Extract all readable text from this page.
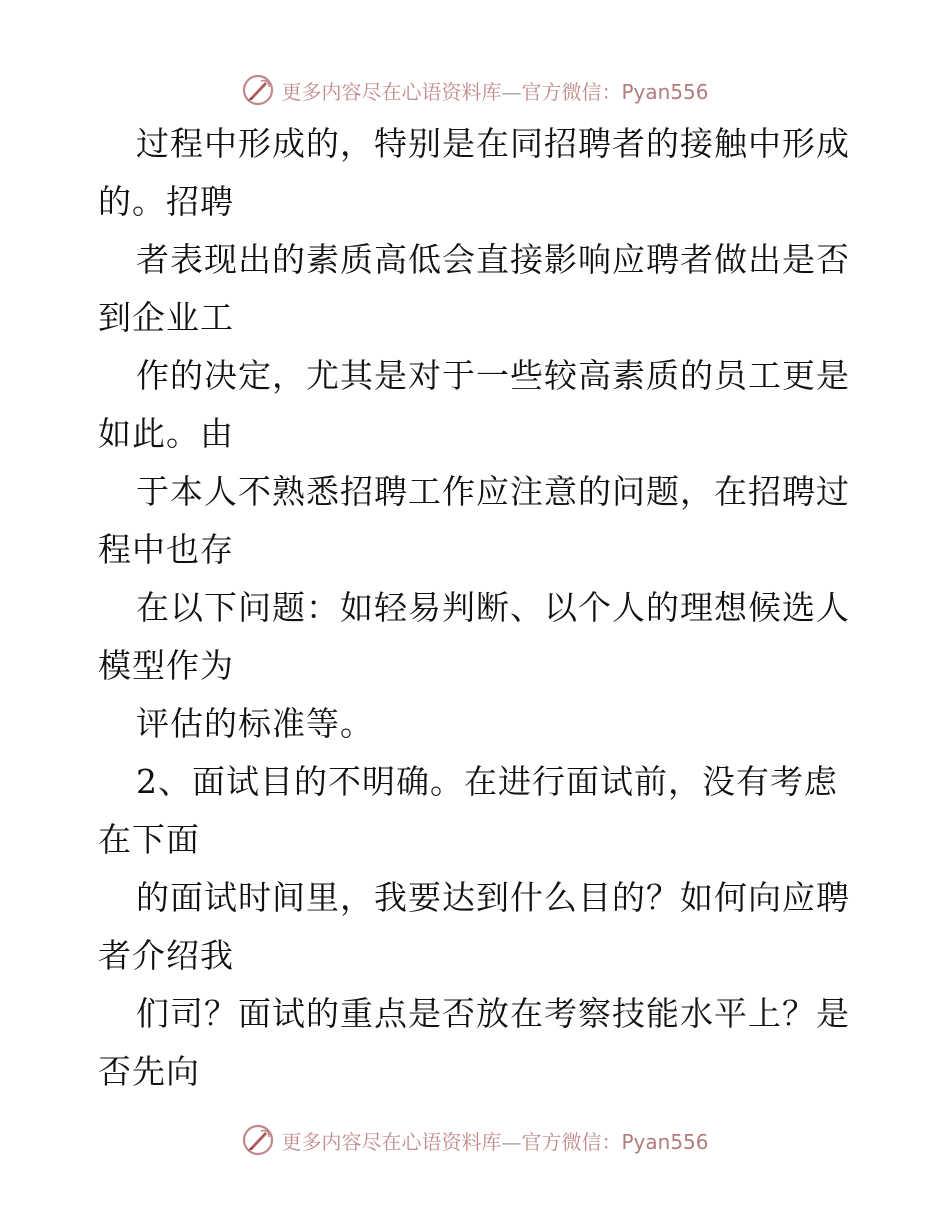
更多内容尽在心语资料库—官方微信：Pyan556
过程中形成的，特别是在同招聘者的接触中形成
的。招聘
者表现出的素质高低会直接影响应聘者做出是否
到企业工
作的决定，尤其是对于一些较高素质的员工更是
如此。由
于本人不熟悉招聘工作应注意的问题，在招聘过
程中也存
在以下问题：如轻易判断、以个人的理想候选人
模型作为
评估的标准等。
2、面试目的不明确。在进行面试前，没有考虑
在下面
的面试时间里，我要达到什么目的？如何向应聘
者介绍我
们司？面试的重点是否放在考察技能水平上？是
否先向
更多内容尽在心语资料库—官方微信：Pyan556
